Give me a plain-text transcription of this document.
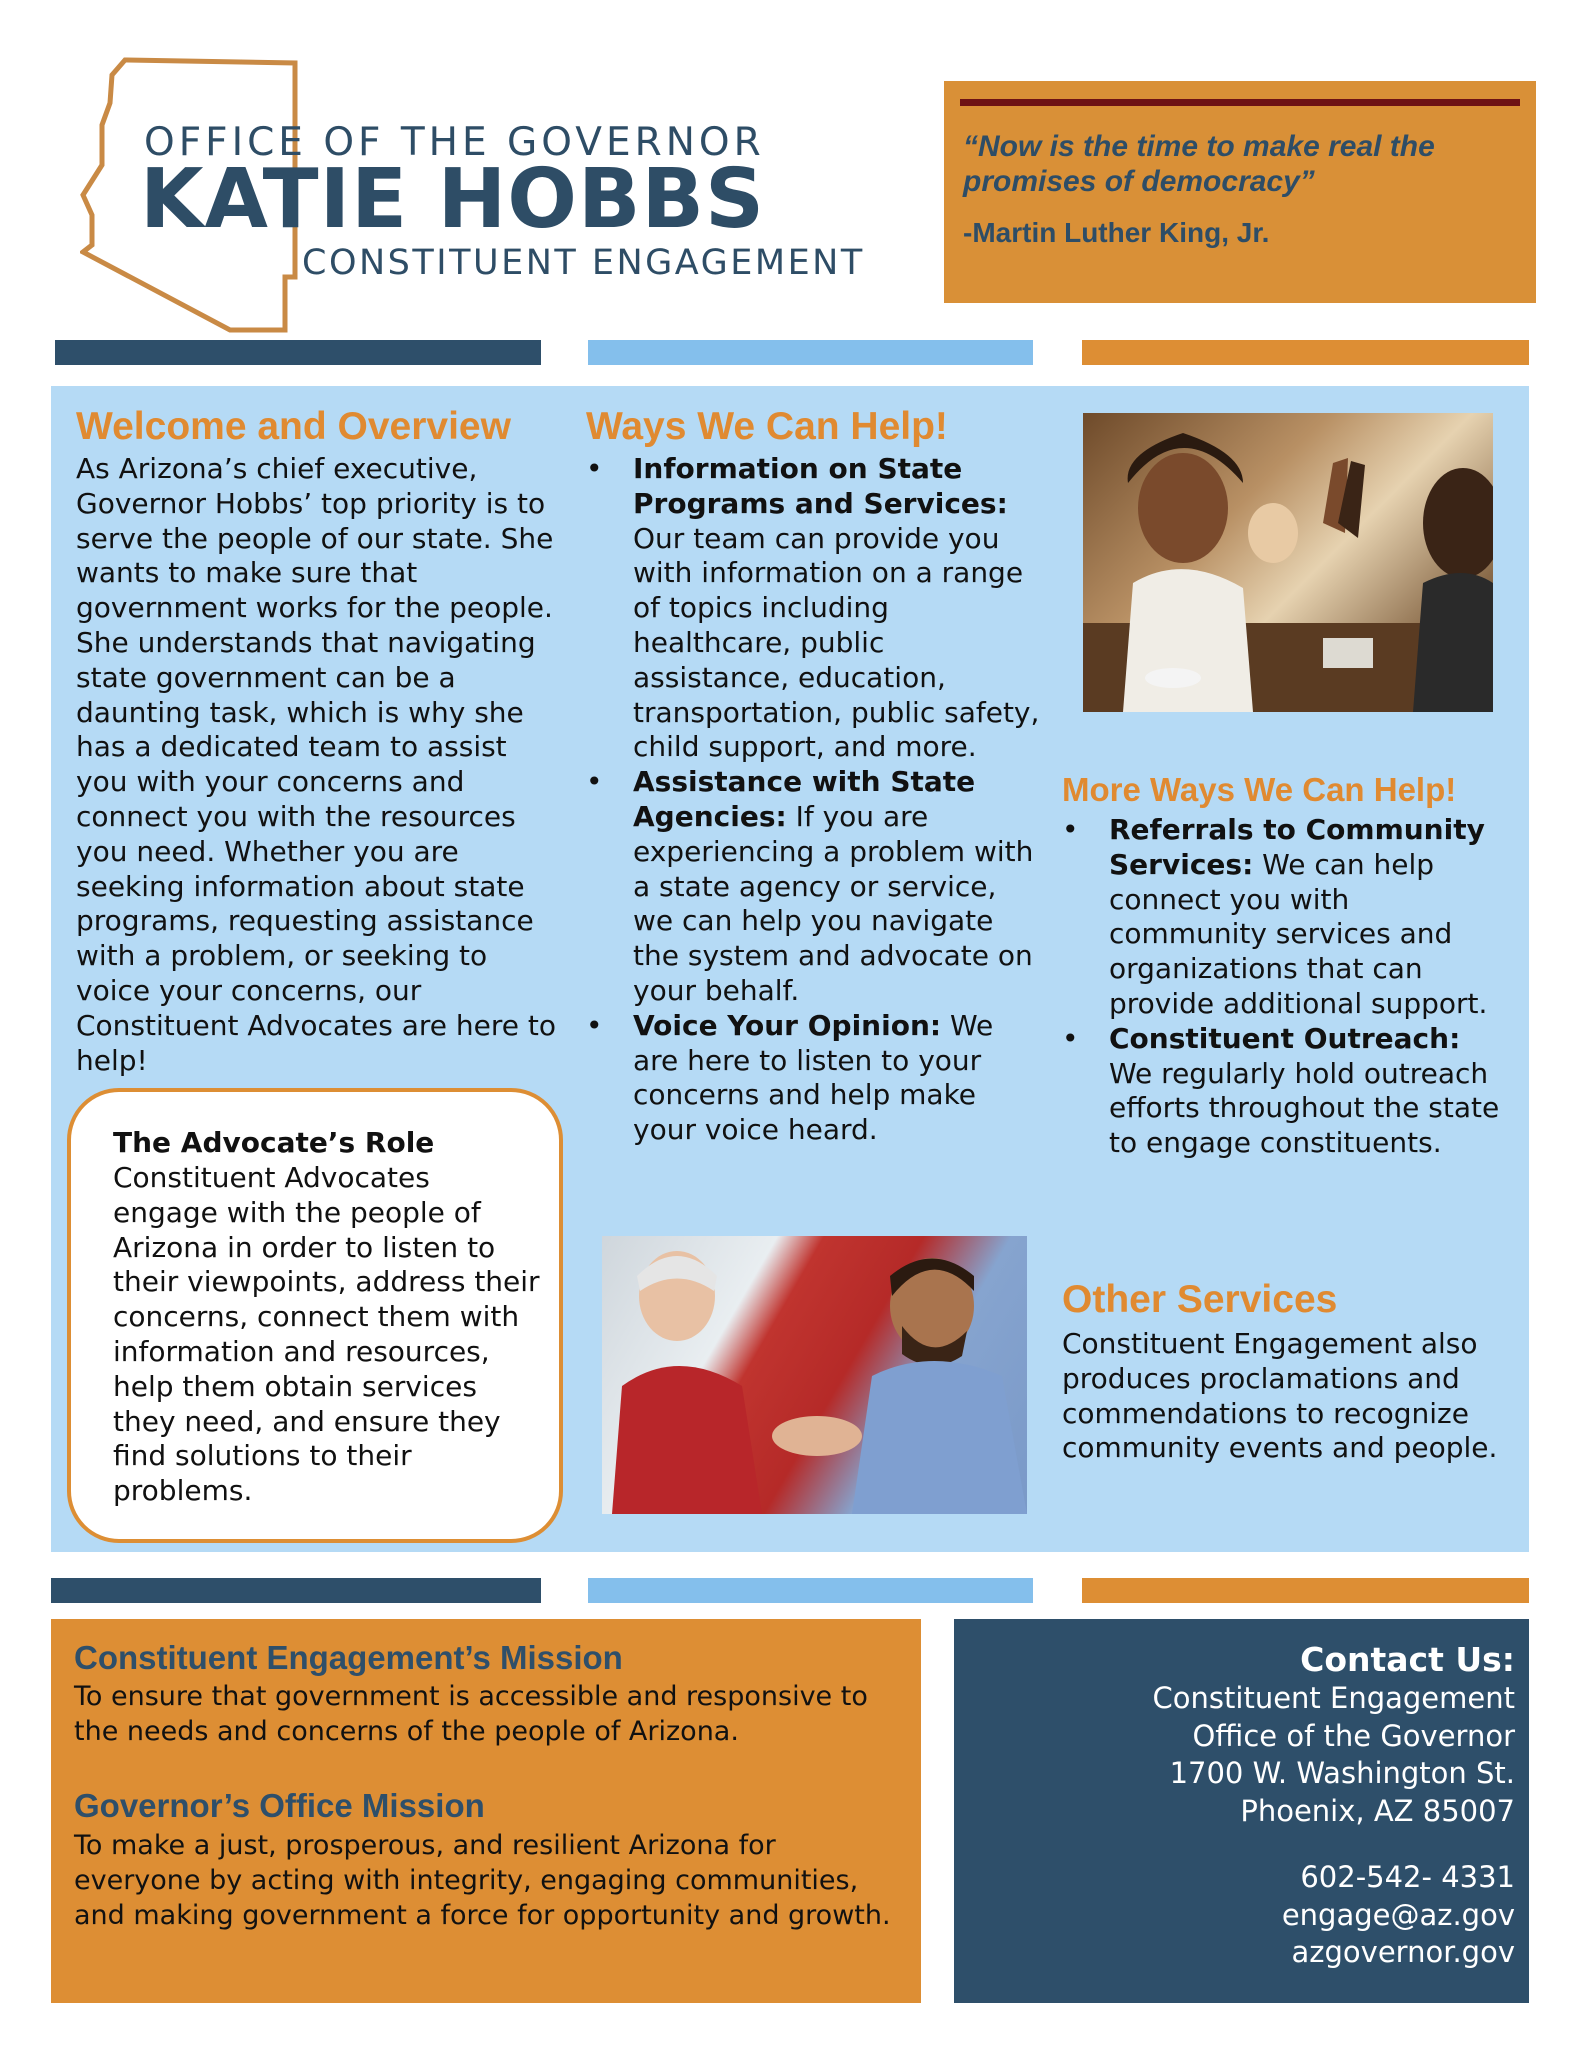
OFFICE OF THE GOVERNOR
KATIE HOBBS
CONSTITUENT ENGAGEMENT
“Now is the time to make real the promises of democracy”
-Martin Luther King, Jr.
Welcome and Overview
As Arizona’s chief executive, Governor Hobbs’ top priority is to serve the people of our state. She wants to make sure that government works for the people. She understands that navigating state government can be a daunting task, which is why she has a dedicated team to assist you with your concerns and connect you with the resources you need. Whether you are seeking information about state programs, requesting assistance with a problem, or seeking to voice your concerns, our Constituent Advocates are here to help!
The Advocate’s Role
Constituent Advocates engage with the people of Arizona in order to listen to their viewpoints, address their concerns, connect them with information and resources, help them obtain services they need, and ensure they find solutions to their problems.
Ways We Can Help!
• Information on State Programs and Services: Our team can provide you with information on a range of topics including healthcare, public assistance, education, transportation, public safety, child support, and more.
• Assistance with State Agencies: If you are experiencing a problem with a state agency or service, we can help you navigate the system and advocate on your behalf.
• Voice Your Opinion: We are here to listen to your concerns and help make your voice heard.
More Ways We Can Help!
• Referrals to Community Services: We can help connect you with community services and organizations that can provide additional support.
• Constituent Outreach: We regularly hold outreach efforts throughout the state to engage constituents.
Other Services
Constituent Engagement also produces proclamations and commendations to recognize community events and people.
Constituent Engagement’s Mission
To ensure that government is accessible and responsive to the needs and concerns of the people of Arizona.
Governor’s Office Mission
To make a just, prosperous, and resilient Arizona for everyone by acting with integrity, engaging communities, and making government a force for opportunity and growth.
Contact Us:
Constituent Engagement
Office of the Governor
1700 W. Washington St.
Phoenix, AZ 85007
602-542- 4331
engage@az.gov
azgovernor.gov
